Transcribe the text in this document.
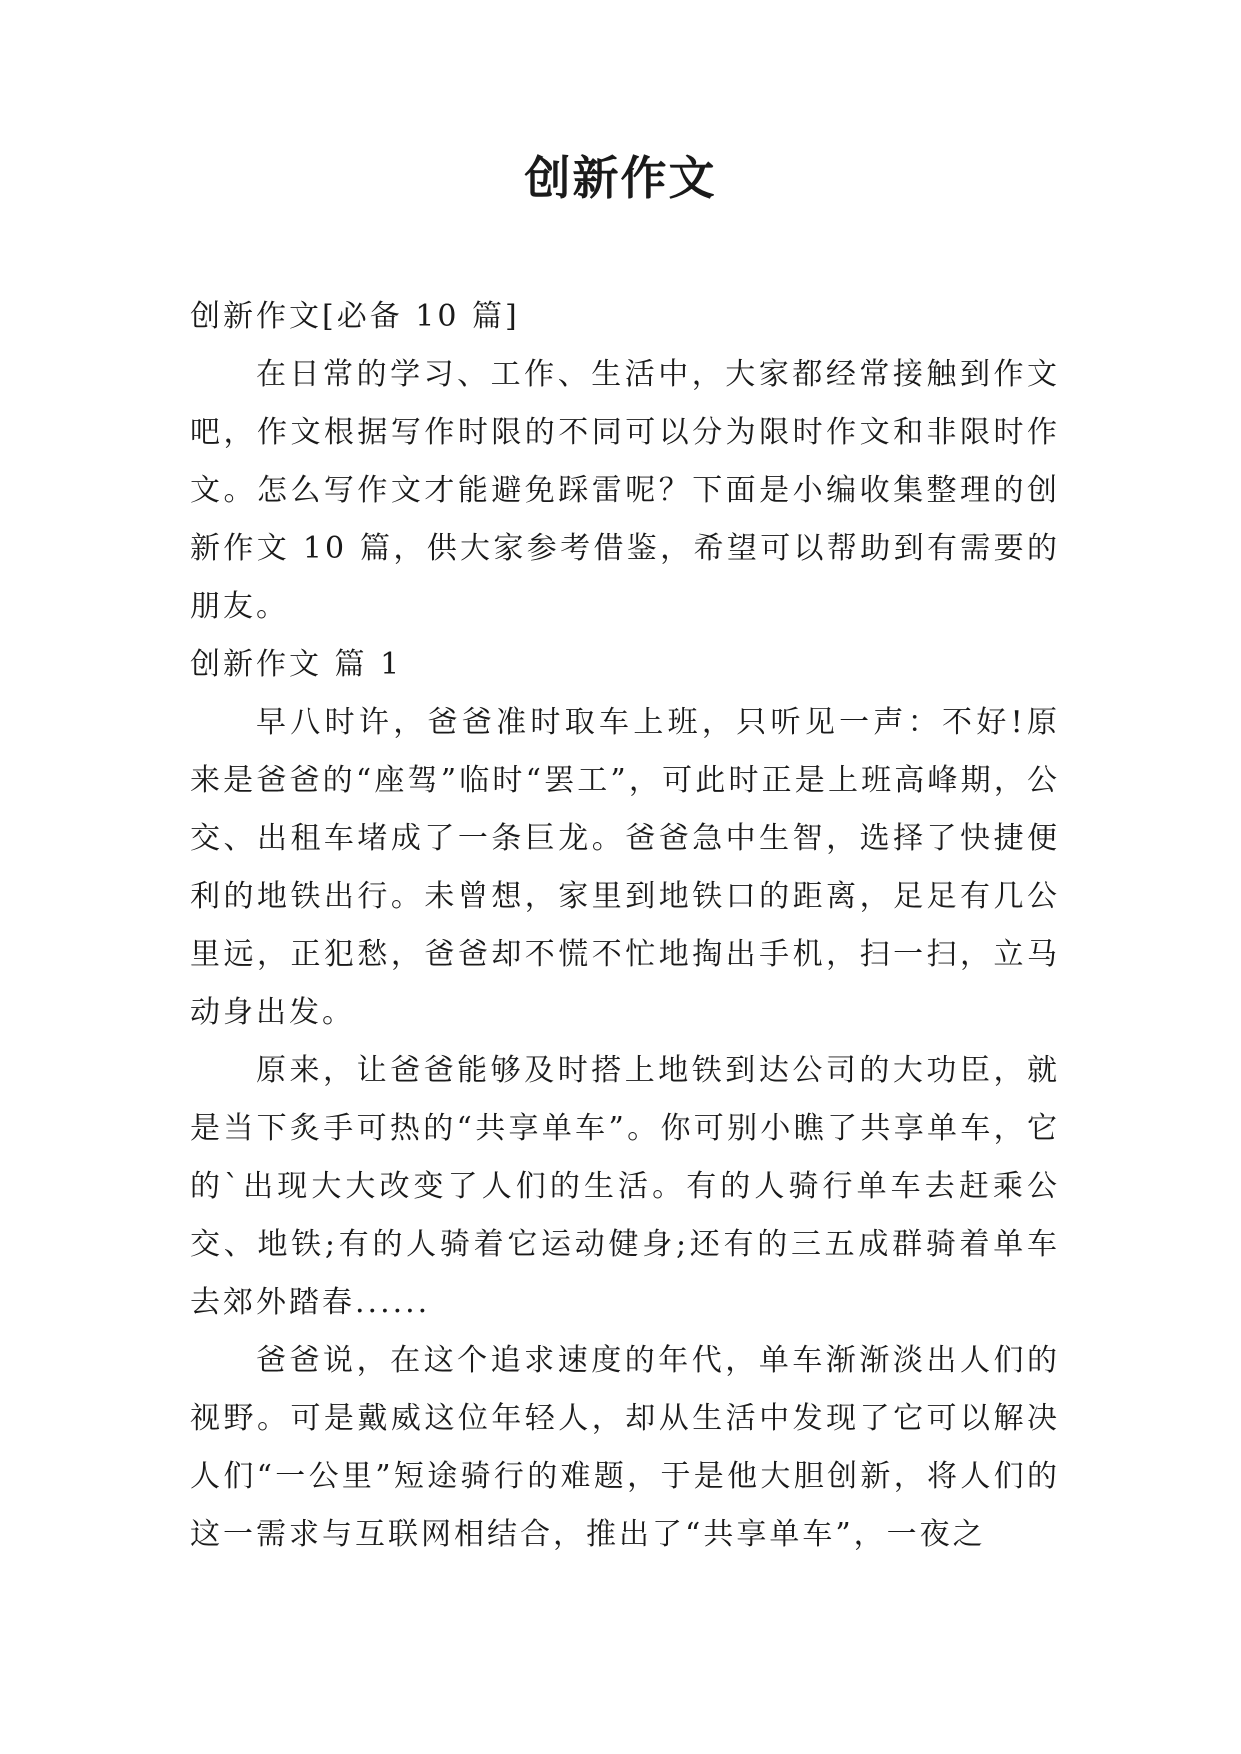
创新作文

创新作文[必备 10 篇]

在日常的学习、工作、生活中，大家都经常接触到作文吧，作文根据写作时限的不同可以分为限时作文和非限时作文。怎么写作文才能避免踩雷呢？下面是小编收集整理的创新作文 10 篇，供大家参考借鉴，希望可以帮助到有需要的朋友。

创新作文 篇 1

早八时许，爸爸准时取车上班，只听见一声：不好!原来是爸爸的“座驾”临时“罢工”，可此时正是上班高峰期，公交、出租车堵成了一条巨龙。爸爸急中生智，选择了快捷便利的地铁出行。未曾想，家里到地铁口的距离，足足有几公里远，正犯愁，爸爸却不慌不忙地掏出手机，扫一扫，立马动身出发。

原来，让爸爸能够及时搭上地铁到达公司的大功臣，就是当下炙手可热的“共享单车”。你可别小瞧了共享单车，它的`出现大大改变了人们的生活。有的人骑行单车去赶乘公交、地铁;有的人骑着它运动健身;还有的三五成群骑着单车去郊外踏春......

爸爸说，在这个追求速度的年代，单车渐渐淡出人们的视野。可是戴威这位年轻人，却从生活中发现了它可以解决人们“一公里”短途骑行的难题，于是他大胆创新，将人们的这一需求与互联网相结合，推出了“共享单车”，一夜之
